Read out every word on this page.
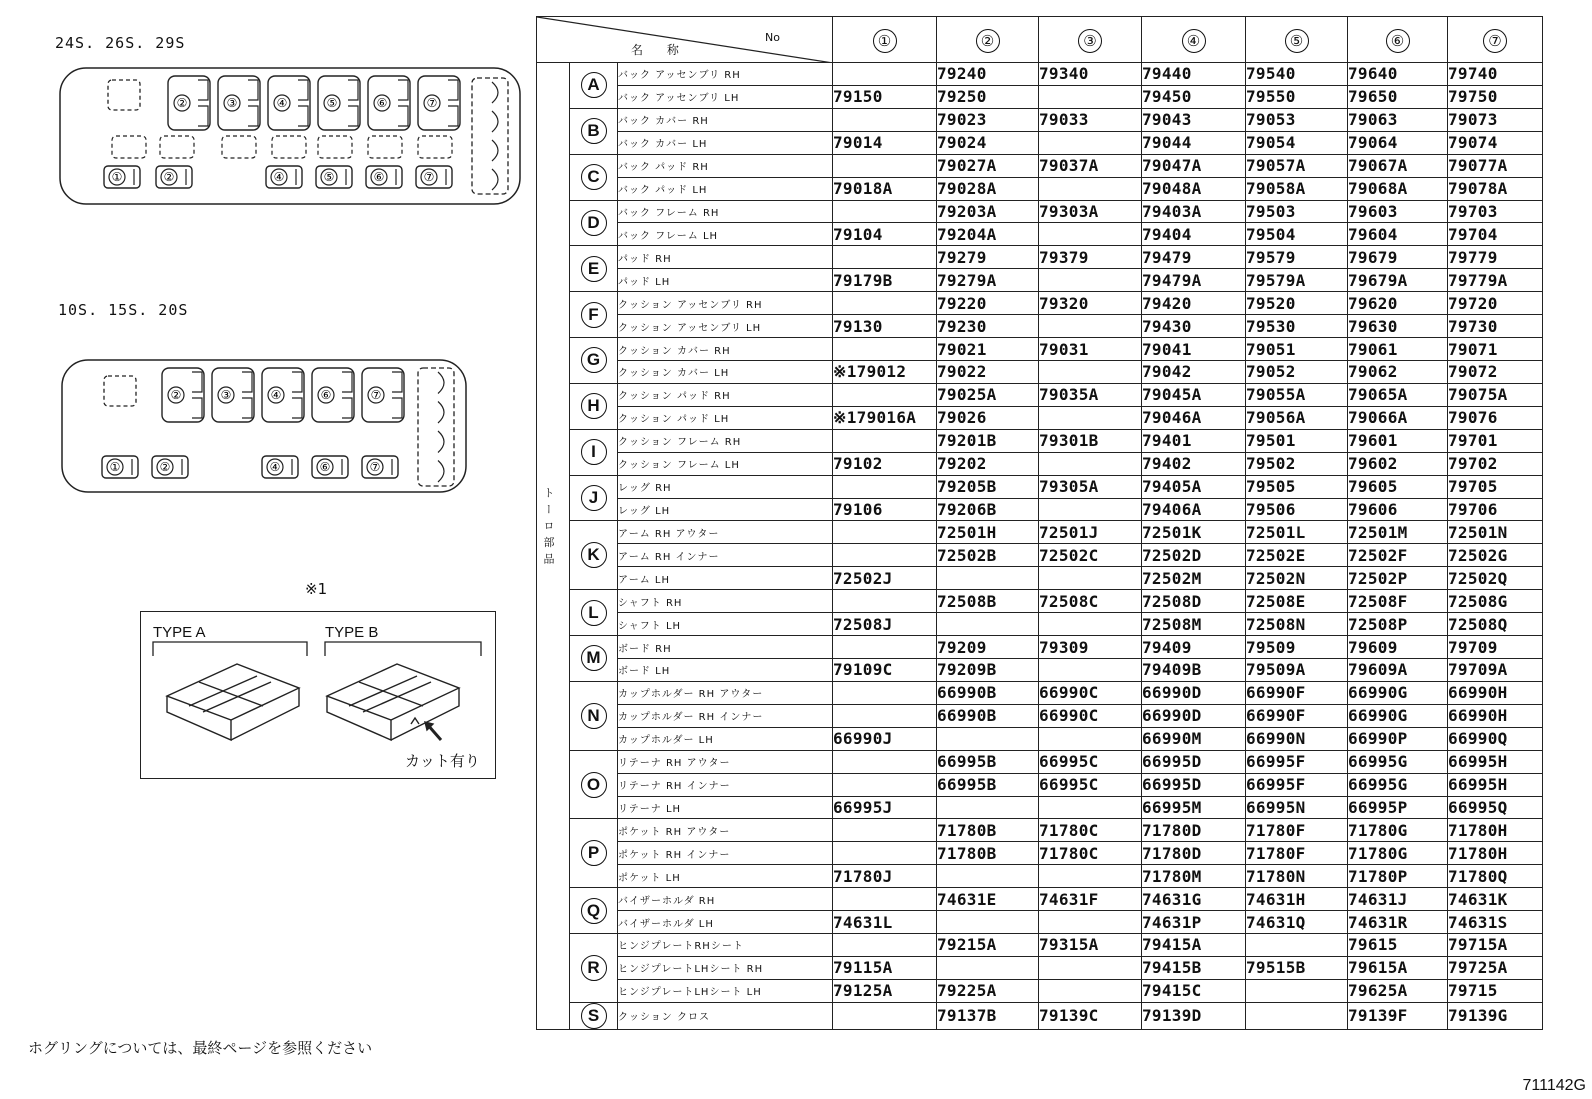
24S. 26S. 29S
②	③	④	⑤	⑥	⑦
①	②	④	⑤	⑥	⑦
10S. 15S. 20S
②	③	④	⑥	⑦
①	②	④	⑥	⑦
※1
TYPE A	TYPE B
カット有り
ホグリングについては、最終ページを参照ください
711142G
名 称
No			①	②	③	④	⑤	⑥	⑦

ト ー ロ 部 品	A	バック アッセンブリ RH		79240	79340	79440	79540	79640	79740
		バック アッセンブリ LH	79150	79250		79450	79550	79650	79750
	B	バック カバー RH		79023	79033	79043	79053	79063	79073
		バック カバー LH	79014	79024		79044	79054	79064	79074
	C	バック パッド RH		79027A	79037A	79047A	79057A	79067A	79077A
		バック パッド LH	79018A	79028A		79048A	79058A	79068A	79078A
	D	バック フレーム RH		79203A	79303A	79403A	79503	79603	79703
		バック フレーム LH	79104	79204A		79404	79504	79604	79704
	E	パッド RH		79279	79379	79479	79579	79679	79779
		パッド LH	79179B	79279A		79479A	79579A	79679A	79779A
	F	クッション アッセンブリ RH		79220	79320	79420	79520	79620	79720
		クッション アッセンブリ LH	79130	79230		79430	79530	79630	79730
	G	クッション カバー RH		79021	79031	79041	79051	79061	79071
		クッション カバー LH	※179012	79022		79042	79052	79062	79072
	H	クッション パッド RH		79025A	79035A	79045A	79055A	79065A	79075A
		クッション パッド LH	※179016A	79026		79046A	79056A	79066A	79076
	I	クッション フレーム RH		79201B	79301B	79401	79501	79601	79701
		クッション フレーム LH	79102	79202		79402	79502	79602	79702
	J	レッグ RH		79205B	79305A	79405A	79505	79605	79705
		レッグ LH	79106	79206B		79406A	79506	79606	79706
	K	アーム RH アウター		72501H	72501J	72501K	72501L	72501M	72501N
		アーム RH インナー		72502B	72502C	72502D	72502E	72502F	72502G
		アーム LH	72502J			72502M	72502N	72502P	72502Q
	L	シャフト RH		72508B	72508C	72508D	72508E	72508F	72508G
		シャフト LH	72508J			72508M	72508N	72508P	72508Q
	M	ボード RH		79209	79309	79409	79509	79609	79709
		ボード LH	79109C	79209B		79409B	79509A	79609A	79709A
	N	カップホルダー RH アウター		66990B	66990C	66990D	66990F	66990G	66990H
		カップホルダー RH インナー		66990B	66990C	66990D	66990F	66990G	66990H
		カップホルダー LH	66990J			66990M	66990N	66990P	66990Q
	O	リテーナ RH アウター		66995B	66995C	66995D	66995F	66995G	66995H
		リテーナ RH インナー		66995B	66995C	66995D	66995F	66995G	66995H
		リテーナ LH	66995J			66995M	66995N	66995P	66995Q
	P	ポケット RH アウター		71780B	71780C	71780D	71780F	71780G	71780H
		ポケット RH インナー		71780B	71780C	71780D	71780F	71780G	71780H
		ポケット LH	71780J			71780M	71780N	71780P	71780Q
	Q	バイザーホルダ RH		74631E	74631F	74631G	74631H	74631J	74631K
		バイザーホルダ LH	74631L			74631P	74631Q	74631R	74631S
	R	ヒンジプレートRHシート		79215A	79315A	79415A		79615	79715A
		ヒンジプレートLHシート RH	79115A			79415B	79515B	79615A	79725A
		ヒンジプレートLHシート LH	79125A	79225A		79415C		79625A	79715
	S	クッション クロス		79137B	79139C	79139D		79139F	79139G
